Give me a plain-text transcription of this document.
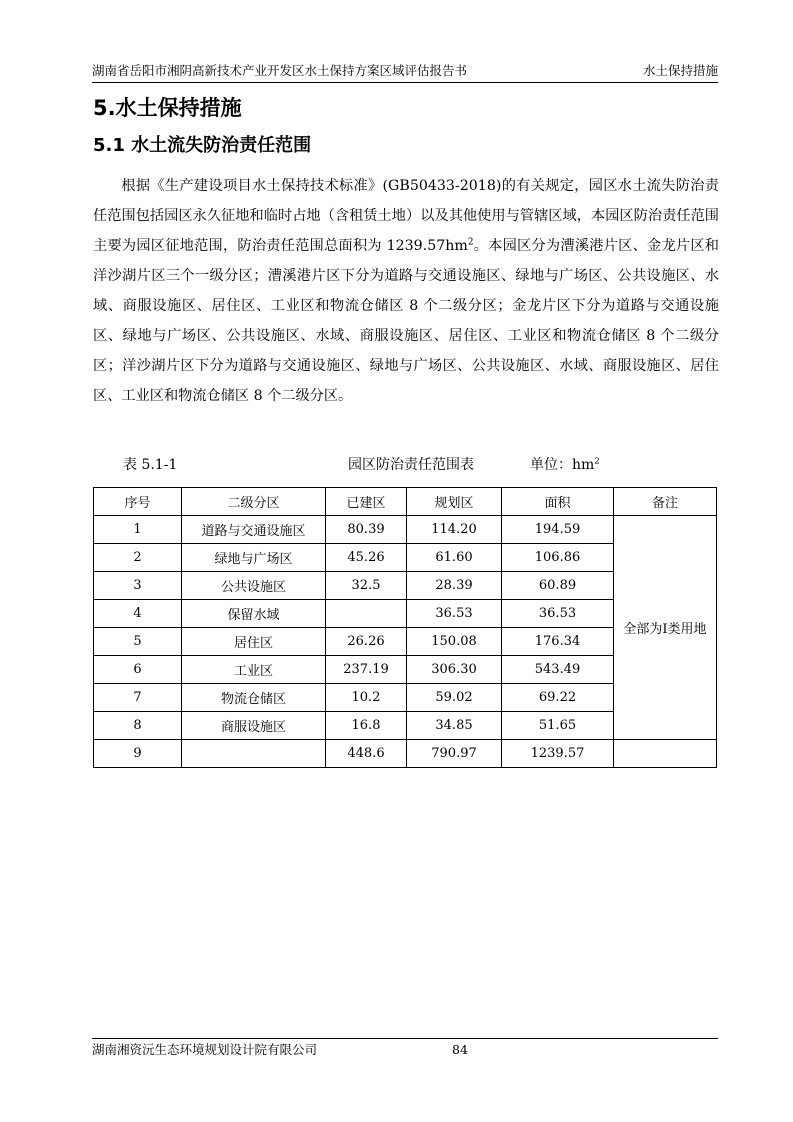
湖南省岳阳市湘阴高新技术产业开发区水土保持方案区域评估报告书	水土保持措施
5.水土保持措施
5.1 水土流失防治责任范围

根据《生产建设项目水土保持技术标准》(GB50433-2018)的有关规定，园区水土流失防治责任范围包括园区永久征地和临时占地（含租赁土地）以及其他使用与管辖区域，本园区防治责任范围主要为园区征地范围，防治责任范围总面积为 $1239.57hm^2$。本园区分为漕溪港片区、金龙片区和洋沙湖片区三个一级分区；漕溪港片区下分为道路与交通设施区、绿地与广场区、公共设施区、水域、商服设施区、居住区、工业区和物流仓储区 8 个二级分区；金龙片区下分为道路与交通设施区、绿地与广场区、公共设施区、水域、商服设施区、居住区、工业区和物流仓储区 8 个二级分区；洋沙湖片区下分为道路与交通设施区、绿地与广场区、公共设施区、水域、商服设施区、居住区、工业区和物流仓储区 8 个二级分区。

表 5.1-1	园区防治责任范围表	单位：$hm^2$
序号	二级分区	已建区	规划区	面积	备注
1	道路与交通设施区	80.39	114.20	194.59	全部为Ⅰ类用地
2	绿地与广场区	45.26	61.60	106.86	
3	公共设施区	32.5	28.39	60.89	
4	保留水域		36.53	36.53	
5	居住区	26.26	150.08	176.34	
6	工业区	237.19	306.30	543.49	
7	物流仓储区	10.2	59.02	69.22	
8	商服设施区	16.8	34.85	51.65	
9		448.6	790.97	1239.57	
湖南湘资沅生态环境规划设计院有限公司	84
